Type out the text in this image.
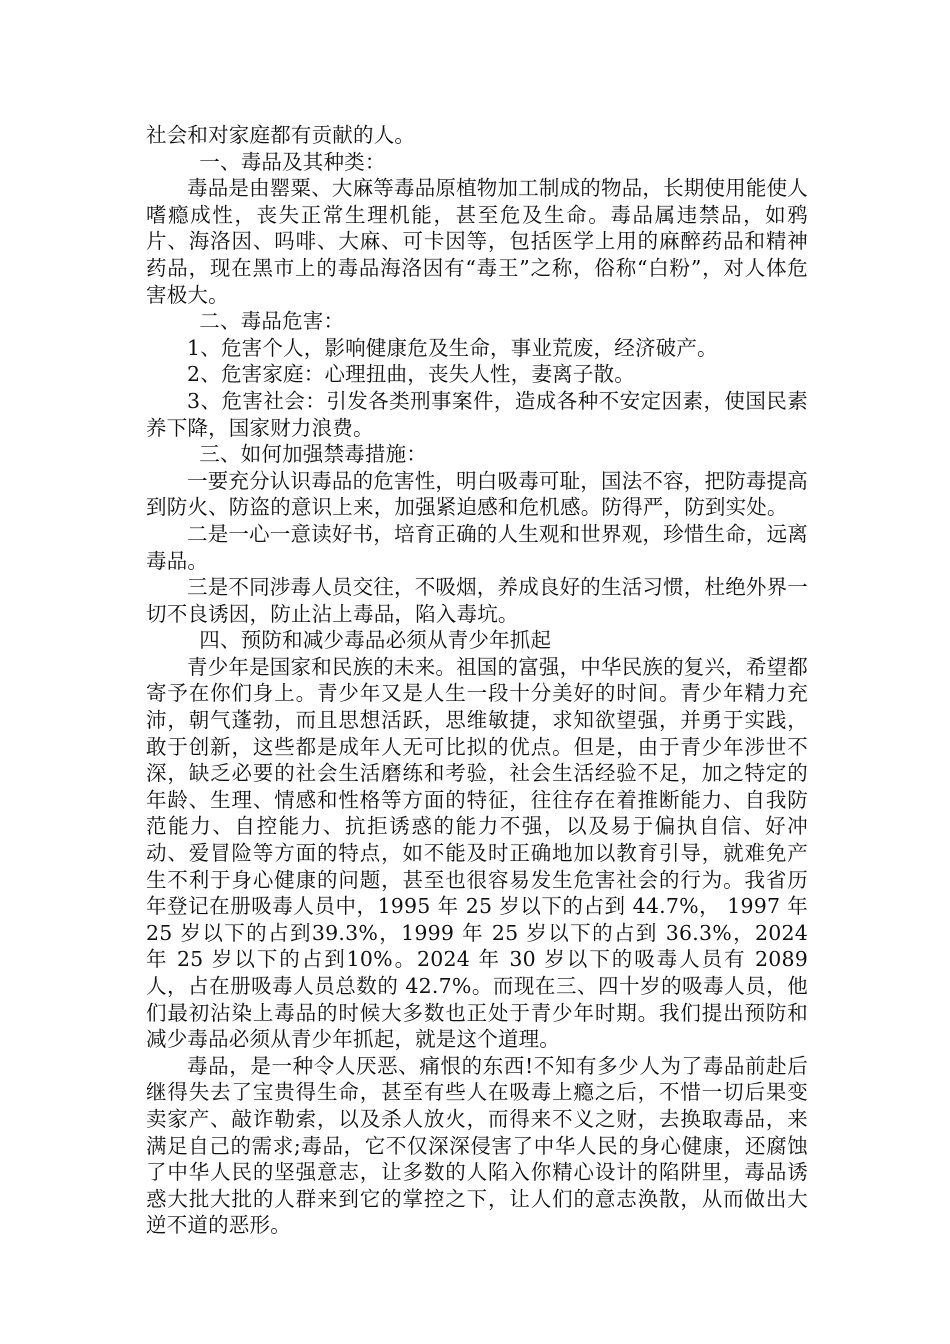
社会和对家庭都有贡献的人。

一、毒品及其种类：

毒品是由罂粟、大麻等毒品原植物加工制成的物品，长期使用能使人嗜瘾成性，丧失正常生理机能，甚至危及生命。毒品属违禁品，如鸦片、海洛因、吗啡、大麻、可卡因等，包括医学上用的麻醉药品和精神药品，现在黑市上的毒品海洛因有“毒王”之称，俗称“白粉”，对人体危害极大。

二、毒品危害：

1、危害个人，影响健康危及生命，事业荒废，经济破产。

2、危害家庭：心理扭曲，丧失人性，妻离子散。

3、危害社会：引发各类刑事案件，造成各种不安定因素，使国民素养下降，国家财力浪费。

三、如何加强禁毒措施：

一要充分认识毒品的危害性，明白吸毒可耻，国法不容，把防毒提高到防火、防盗的意识上来，加强紧迫感和危机感。防得严，防到实处。

二是一心一意读好书，培育正确的人生观和世界观，珍惜生命，远离毒品。

三是不同涉毒人员交往，不吸烟，养成良好的生活习惯，杜绝外界一切不良诱因，防止沾上毒品，陷入毒坑。

四、预防和减少毒品必须从青少年抓起

青少年是国家和民族的未来。祖国的富强，中华民族的复兴，希望都寄予在你们身上。青少年又是人生一段十分美好的时间。青少年精力充沛，朝气蓬勃，而且思想活跃，思维敏捷，求知欲望强，并勇于实践，敢于创新，这些都是成年人无可比拟的优点。但是，由于青少年涉世不深，缺乏必要的社会生活磨练和考验，社会生活经验不足，加之特定的年龄、生理、情感和性格等方面的特征，往往存在着推断能力、自我防范能力、自控能力、抗拒诱惑的能力不强，以及易于偏执自信、好冲动、爱冒险等方面的特点，如不能及时正确地加以教育引导，就难免产生不利于身心健康的问题，甚至也很容易发生危害社会的行为。我省历年登记在册吸毒人员中，1995 年 25 岁以下的占到 44.7%， 1997 年 25 岁以下的占到39.3%，1999 年 25 岁以下的占到 36.3%，2024 年 25 岁以下的占到10%。2024 年 30 岁以下的吸毒人员有 2089 人，占在册吸毒人员总数的 42.7%。而现在三、四十岁的吸毒人员，他们最初沾染上毒品的时候大多数也正处于青少年时期。我们提出预防和减少毒品必须从青少年抓起，就是这个道理。

毒品，是一种令人厌恶、痛恨的东西!不知有多少人为了毒品前赴后继得失去了宝贵得生命，甚至有些人在吸毒上瘾之后，不惜一切后果变卖家产、敲诈勒索，以及杀人放火，而得来不义之财，去换取毒品，来满足自己的需求;毒品，它不仅深深侵害了中华人民的身心健康，还腐蚀了中华人民的坚强意志，让多数的人陷入你精心设计的陷阱里，毒品诱惑大批大批的人群来到它的掌控之下，让人们的意志涣散，从而做出大逆不道的恶形。
